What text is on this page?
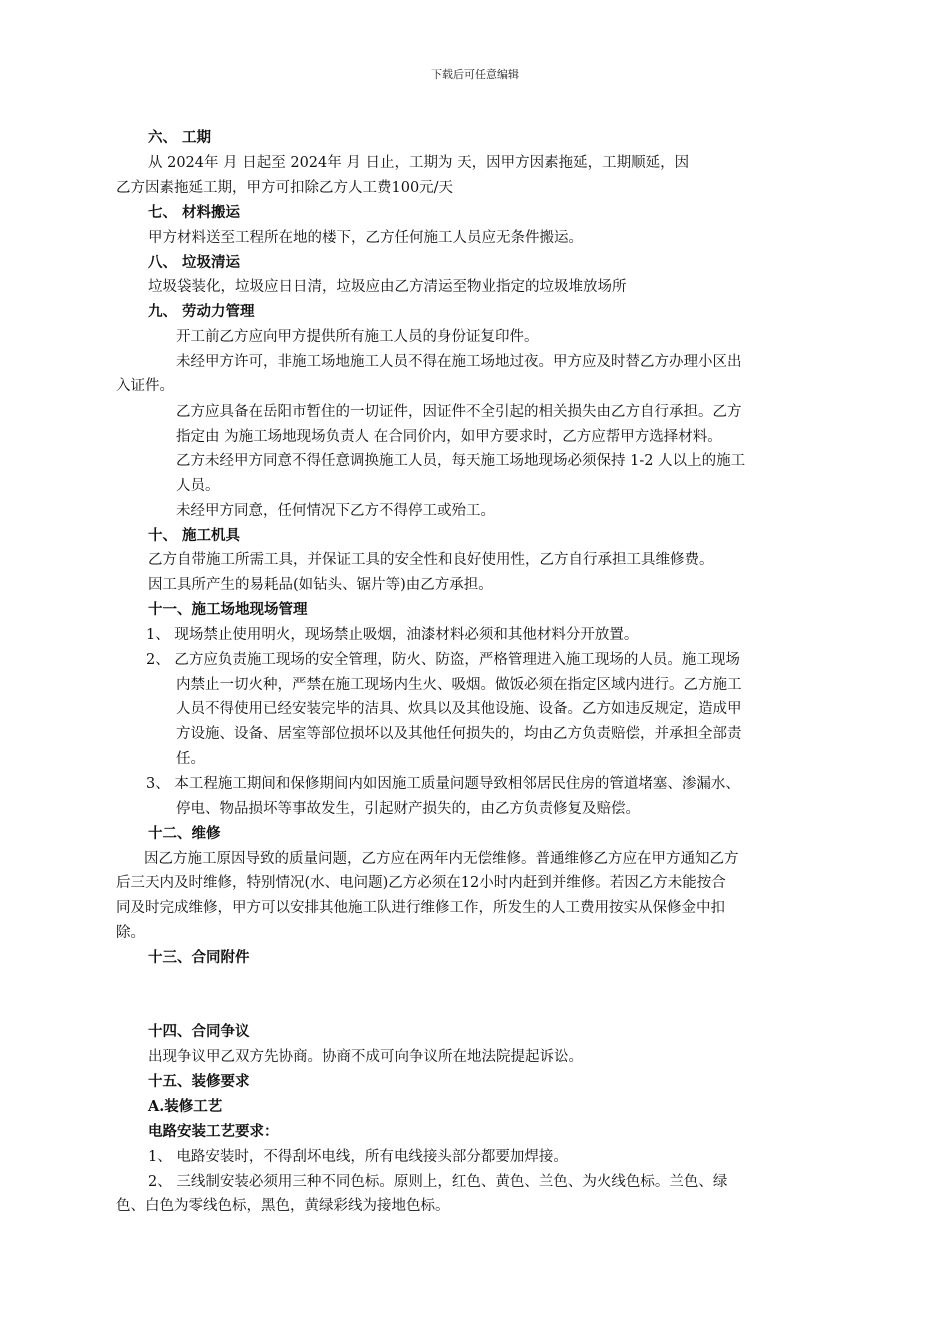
下载后可任意编辑
六、 工期
从 2024年 月 日起至 2024年 月 日止，工期为 天，因甲方因素拖延，工期顺延，因
乙方因素拖延工期，甲方可扣除乙方人工费100元/天
七、 材料搬运
甲方材料送至工程所在地的楼下，乙方任何施工人员应无条件搬运。
八、 垃圾清运
垃圾袋装化，垃圾应日日清，垃圾应由乙方清运至物业指定的垃圾堆放场所
九、 劳动力管理
开工前乙方应向甲方提供所有施工人员的身份证复印件。
未经甲方许可，非施工场地施工人员不得在施工场地过夜。甲方应及时替乙方办理小区出
入证件。
乙方应具备在岳阳市暂住的一切证件，因证件不全引起的相关损失由乙方自行承担。乙方
指定由 为施工场地现场负责人 在合同价内，如甲方要求时，乙方应帮甲方选择材料。
乙方未经甲方同意不得任意调换施工人员，每天施工场地现场必须保持 1-2 人以上的施工
人员。
未经甲方同意，任何情况下乙方不得停工或殆工。
十、 施工机具
乙方自带施工所需工具，并保证工具的安全性和良好使用性，乙方自行承担工具维修费。
因工具所产生的易耗品(如钻头、锯片等)由乙方承担。
十一、施工场地现场管理
1、 现场禁止使用明火，现场禁止吸烟，油漆材料必须和其他材料分开放置。
2、 乙方应负责施工现场的安全管理，防火、防盗，严格管理进入施工现场的人员。施工现场
内禁止一切火种，严禁在施工现场内生火、吸烟。做饭必须在指定区域内进行。乙方施工
人员不得使用已经安装完毕的洁具、炊具以及其他设施、设备。乙方如违反规定，造成甲
方设施、设备、居室等部位损坏以及其他任何损失的，均由乙方负责赔偿，并承担全部责
任。
3、 本工程施工期间和保修期间内如因施工质量问题导致相邻居民住房的管道堵塞、渗漏水、
停电、物品损坏等事故发生，引起财产损失的，由乙方负责修复及赔偿。
十二、维修
因乙方施工原因导致的质量问题，乙方应在两年内无偿维修。普通维修乙方应在甲方通知乙方
后三天内及时维修，特别情况(水、电问题)乙方必须在12小时内赶到并维修。若因乙方未能按合
同及时完成维修，甲方可以安排其他施工队进行维修工作，所发生的人工费用按实从保修金中扣
除。
十三、合同附件
十四、合同争议
出现争议甲乙双方先协商。协商不成可向争议所在地法院提起诉讼。
十五、装修要求
A.装修工艺
电路安装工艺要求：
1、 电路安装时，不得刮坏电线，所有电线接头部分都要加焊接。
2、 三线制安装必须用三种不同色标。原则上，红色、黄色、兰色、为火线色标。兰色、绿
色、白色为零线色标，黑色，黄绿彩线为接地色标。
